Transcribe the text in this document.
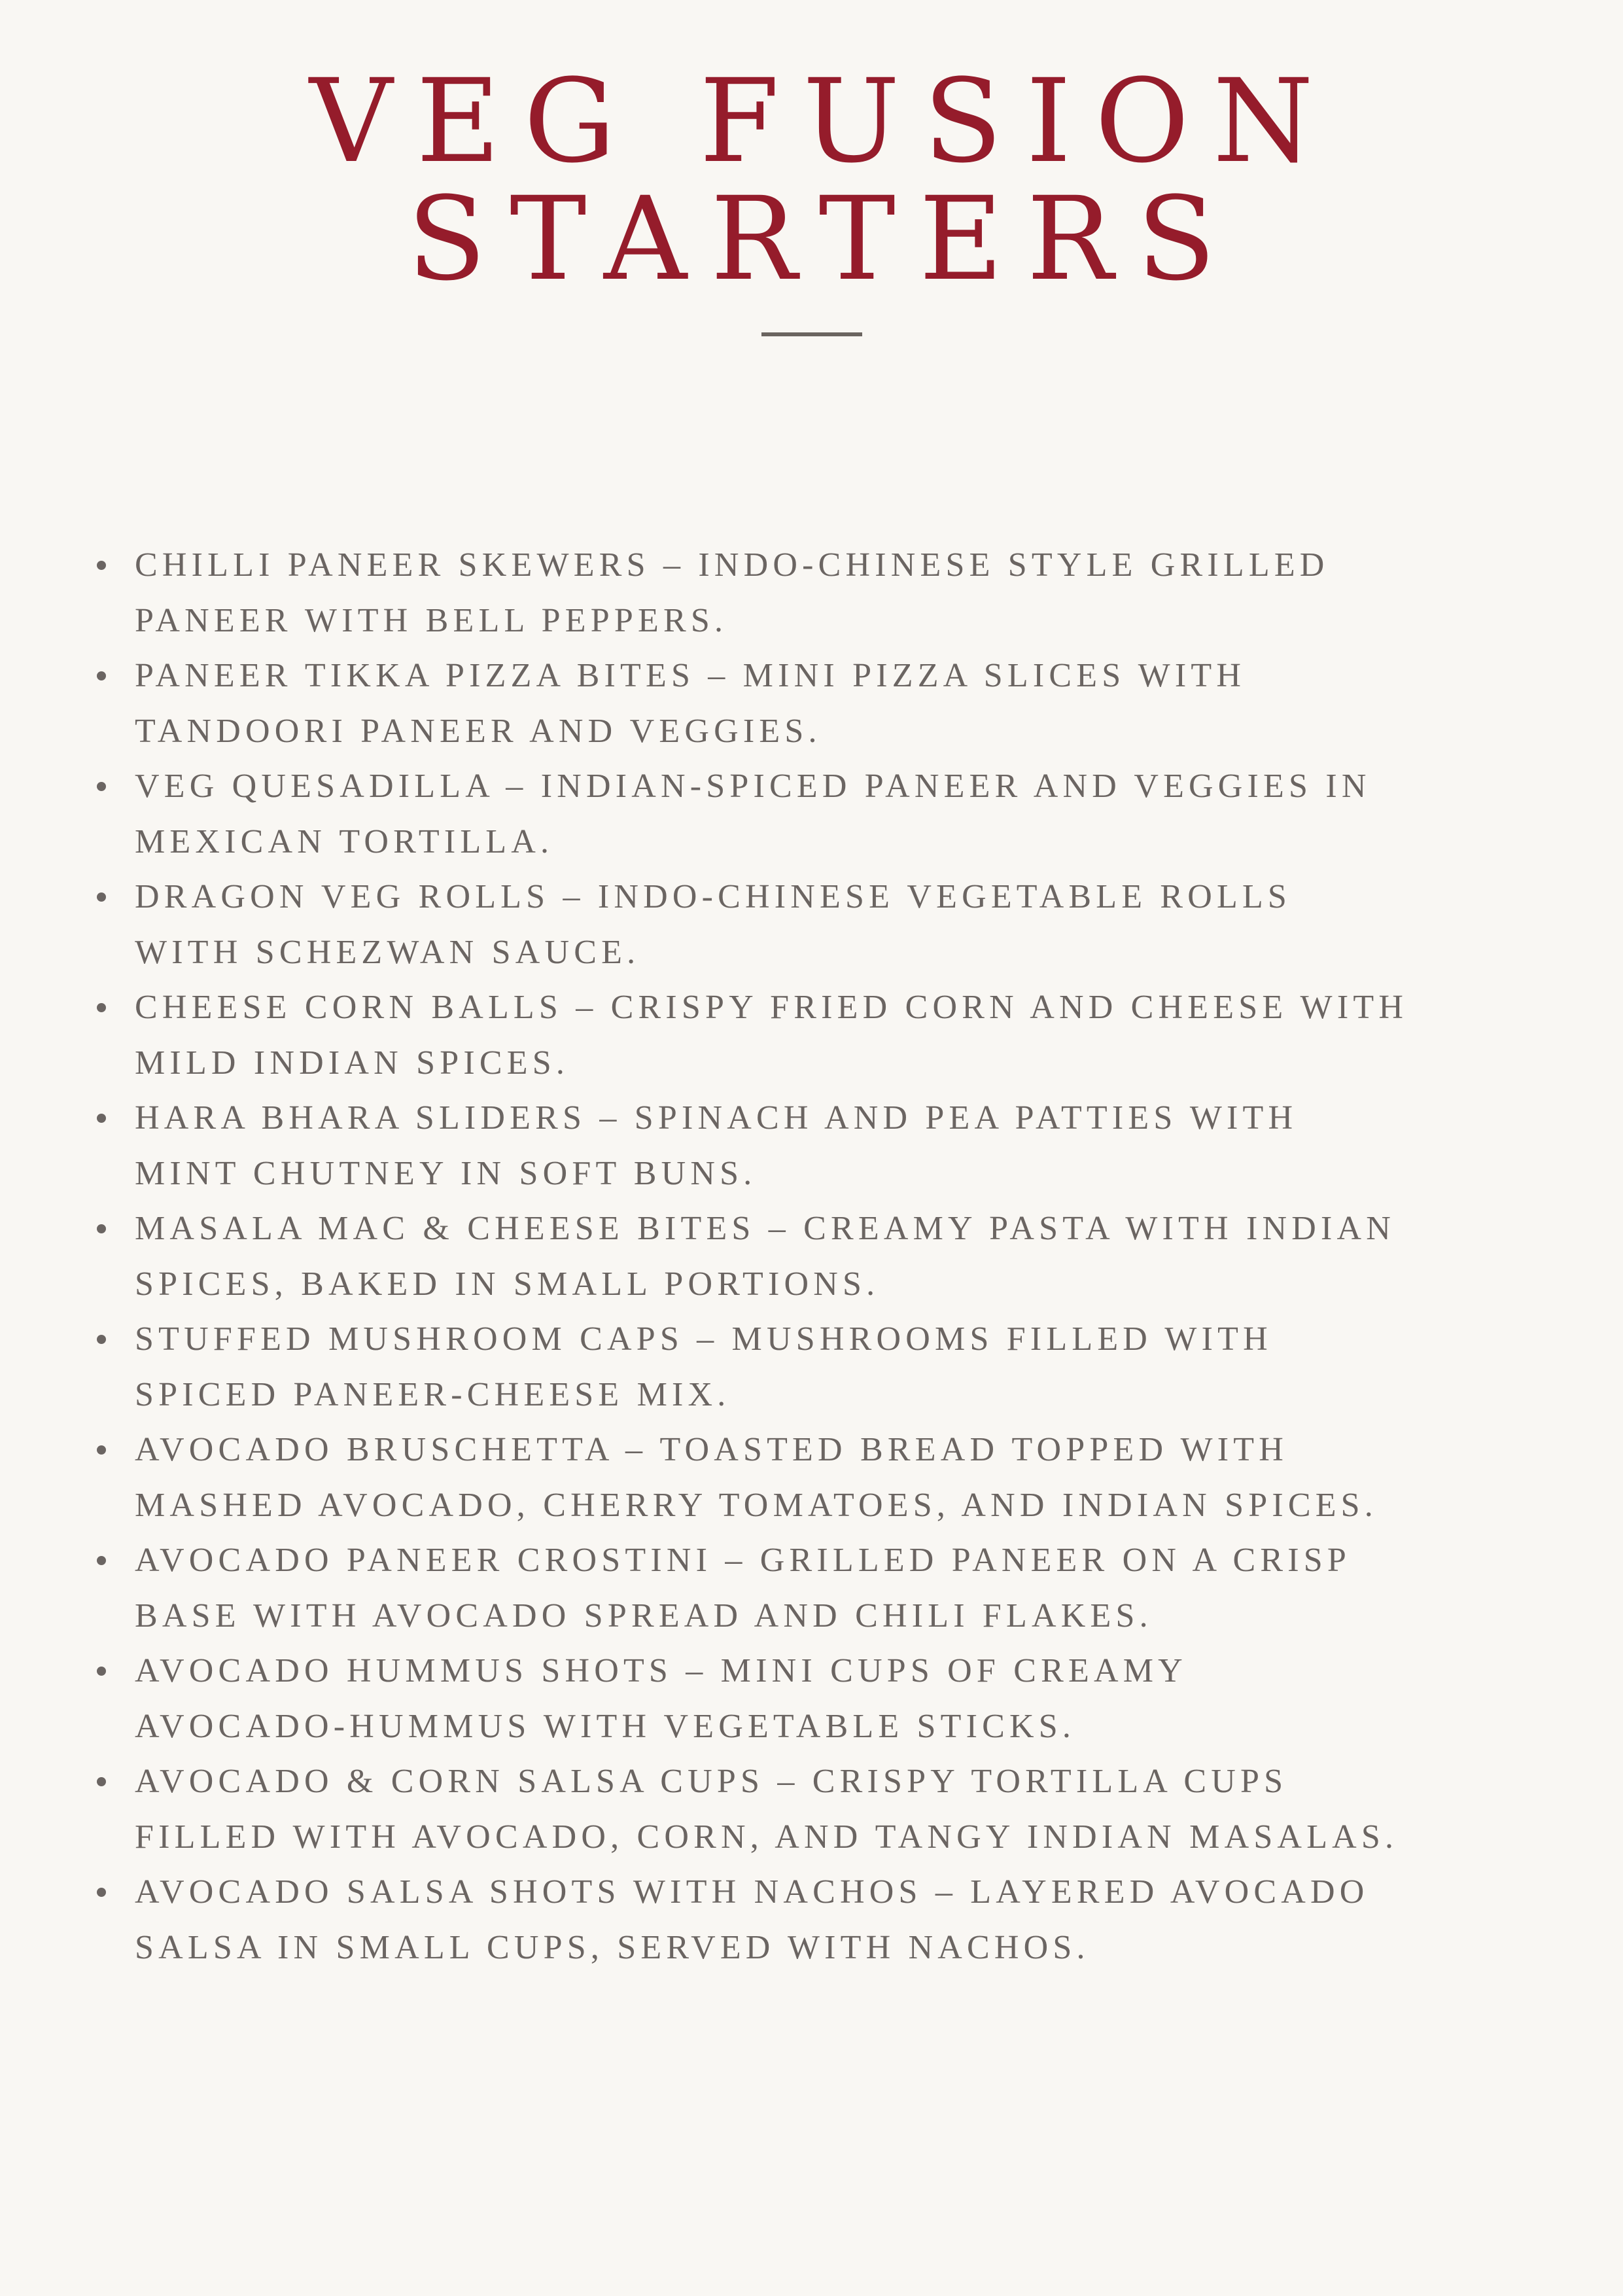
VEG FUSION
STARTERS
CHILLI PANEER SKEWERS – INDO-CHINESE STYLE GRILLED
PANEER WITH BELL PEPPERS.
PANEER TIKKA PIZZA BITES – MINI PIZZA SLICES WITH
TANDOORI PANEER AND VEGGIES.
VEG QUESADILLA – INDIAN-SPICED PANEER AND VEGGIES IN
MEXICAN TORTILLA.
DRAGON VEG ROLLS – INDO-CHINESE VEGETABLE ROLLS
WITH SCHEZWAN SAUCE.
CHEESE CORN BALLS – CRISPY FRIED CORN AND CHEESE WITH
MILD INDIAN SPICES.
HARA BHARA SLIDERS – SPINACH AND PEA PATTIES WITH
MINT CHUTNEY IN SOFT BUNS.
MASALA MAC & CHEESE BITES – CREAMY PASTA WITH INDIAN
SPICES, BAKED IN SMALL PORTIONS.
STUFFED MUSHROOM CAPS – MUSHROOMS FILLED WITH
SPICED PANEER-CHEESE MIX.
AVOCADO BRUSCHETTA – TOASTED BREAD TOPPED WITH
MASHED AVOCADO, CHERRY TOMATOES, AND INDIAN SPICES.
AVOCADO PANEER CROSTINI – GRILLED PANEER ON A CRISP
BASE WITH AVOCADO SPREAD AND CHILI FLAKES.
AVOCADO HUMMUS SHOTS – MINI CUPS OF CREAMY
AVOCADO-HUMMUS WITH VEGETABLE STICKS.
AVOCADO & CORN SALSA CUPS – CRISPY TORTILLA CUPS
FILLED WITH AVOCADO, CORN, AND TANGY INDIAN MASALAS.
AVOCADO SALSA SHOTS WITH NACHOS – LAYERED AVOCADO
SALSA IN SMALL CUPS, SERVED WITH NACHOS.
